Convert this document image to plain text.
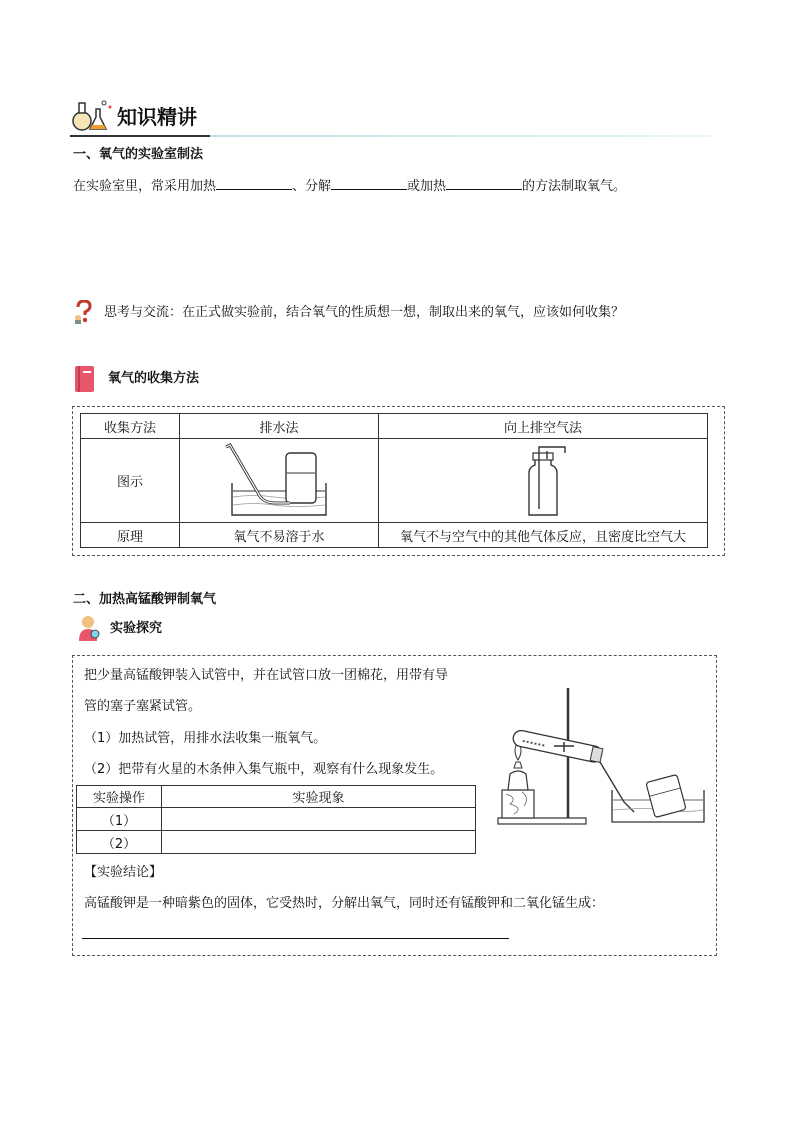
知识精讲
一、氧气的实验室制法
在实验室里，常采用加热	、分解	或加热	的方法制取氧气。
思考与交流：在正式做实验前，结合氧气的性质想一想，制取出来的氧气，应该如何收集？
氧气的收集方法
收集方法	排水法	向上排空气法
图示	

原理	氧气不易溶于水	氧气不与空气中的其他气体反应，且密度比空气大
二、加热高锰酸钾制氧气
实验探究
把少量高锰酸钾装入试管中，并在试管口放一团棉花，用带有导
管的塞子塞紧试管。
（1）加热试管，用排水法收集一瓶氧气。
（2）把带有火星的木条伸入集气瓶中，观察有什么现象发生。
实验操作	实验现象
（1）	
（2）	
【实验结论】
高锰酸钾是一种暗紫色的固体，它受热时，分解出氧气，同时还有锰酸钾和二氧化锰生成：
